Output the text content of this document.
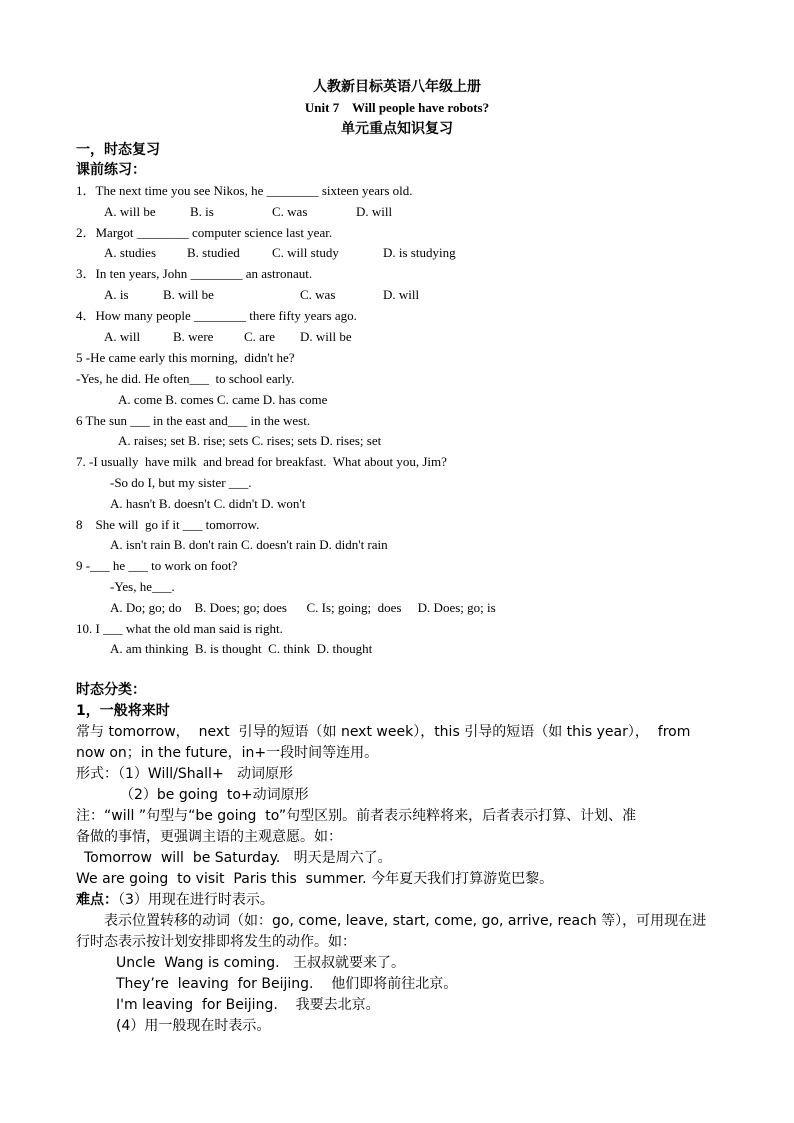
人教新目标英语八年级上册
Unit 7    Will people have robots?
单元重点知识复习
一，时态复习
课前练习：
1．The next time you see Nikos, he ________ sixteen years old.
A. will be	B. is	C. was	D. will
2．Margot ________ computer science last year.
A. studies B. studied C. will study	D. is studying
3．In ten years, John ________ an astronaut.
A. is	B. will be	C. was	D. will
4．How many people ________ there fifty years ago.
A. will	B. were C. are D. will be
5 -He came early this morning,  didn't he?
-Yes, he did. He often___  to school early.
A. come B. comes C. came D. has come
6 The sun ___ in the east and___ in the west.
A. raises; set B. rise; sets C. rises; sets D. rises; set
7. -I usually  have milk  and bread for breakfast.  What about you, Jim?
-So do I, but my sister ___.
A. hasn't B. doesn't C. didn't D. won't
8    She will  go if it ___ tomorrow.
A. isn't rain B. don't rain C. doesn't rain D. didn't rain
9 -___ he ___ to work on foot?
-Yes, he___.
A. Do; go; do    B. Does; go; does      C. Is; going;  does     D. Does; go; is
10. I ___ what the old man said is right.
A. am thinking  B. is thought  C. think  D. thought
时态分类：
1，一般将来时
常与 tomorrow，  next  引导的短语（如 next week），this 引导的短语（如 this year），  from
now on；in the future，in+一段时间等连用。
形式：（1）Will/Shall+   动词原形
（2）be going  to+动词原形
注：“will ”句型与“be going  to”句型区别。前者表示纯粹将来，后者表示打算、计划、准
备做的事情，更强调主语的主观意愿。如：
Tomorrow  will  be Saturday.   明天是周六了。
We are going  to visit  Paris this  summer. 今年夏天我们打算游览巴黎。
难点：（3）用现在进行时表示。
表示位置转移的动词（如：go, come, leave, start, come, go, arrive, reach 等），可用现在进
行时态表示按计划安排即将发生的动作。如：
Uncle  Wang is coming.   王叔叔就要来了。
They’re  leaving  for Beijing.    他们即将前往北京。
I'm leaving  for Beijing.    我要去北京。
(4）用一般现在时表示。
